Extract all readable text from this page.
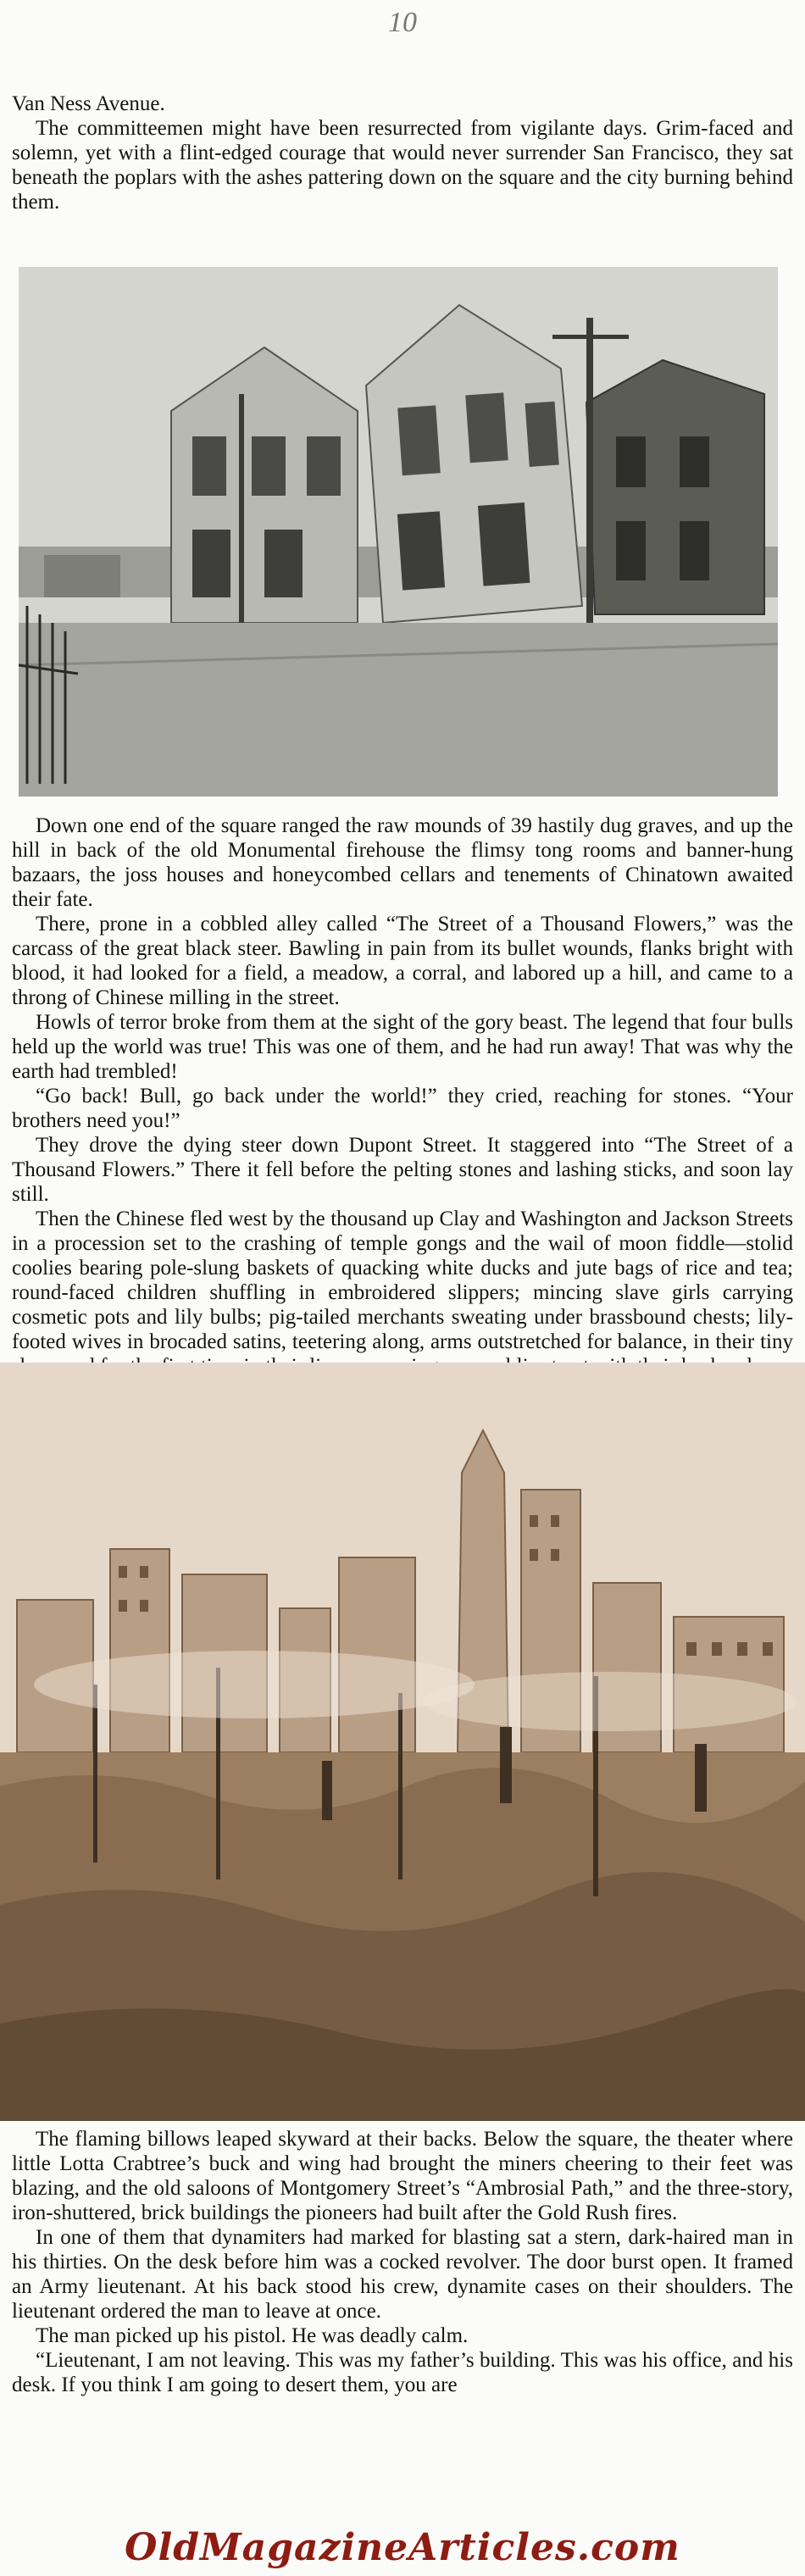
10

Van Ness Avenue.

The committeemen might have been resurrected from vigilante days. Grim-faced and solemn, yet with a flint-edged courage that would never surrender San Francisco, they sat beneath the poplars with the ashes pattering down on the square and the city burning behind them.

Down one end of the square ranged the raw mounds of 39 hastily dug graves, and up the hill in back of the old Monumental firehouse the flimsy tong rooms and banner-hung bazaars, the joss houses and honeycombed cellars and tenements of Chinatown awaited their fate.

There, prone in a cobbled alley called “The Street of a Thousand Flowers,” was the carcass of the great black steer. Bawling in pain from its bullet wounds, flanks bright with blood, it had looked for a field, a meadow, a corral, and labored up a hill, and came to a throng of Chinese milling in the street.

Howls of terror broke from them at the sight of the gory beast. The legend that four bulls held up the world was true! This was one of them, and he had run away! That was why the earth had trembled!

“Go back! Bull, go back under the world!” they cried, reaching for stones. “Your brothers need you!”

They drove the dying steer down Dupont Street. It staggered into “The Street of a Thousand Flowers.” There it fell before the pelting stones and lashing sticks, and soon lay still.

Then the Chinese fled west by the thousand up Clay and Washington and Jackson Streets in a procession set to the crashing of temple gongs and the wail of moon fiddle—stolid coolies bearing pole-slung baskets of quacking white ducks and jute bags of rice and tea; round-faced children shuffling in embroidered slippers; mincing slave girls carrying cosmetic pots and lily bulbs; pig-tailed merchants sweating under brassbound chests; lily-footed wives in brocaded satins, teetering along, arms outstretched for balance, in their tiny

The flaming billows leaped skyward at their backs. Below the square, the theater where little Lotta Crabtree’s buck and wing had brought the miners cheering to their feet was blazing, and the old saloons of Montgomery Street’s “Ambrosial Path,” and the three-story, iron-shuttered, brick buildings the pioneers had built after the Gold Rush fires.

In one of them that dynamiters had marked for blasting sat a stern, dark-haired man in his thirties. On the desk before him was a cocked revolver. The door burst open. It framed an Army lieutenant. At his back stood his crew, dynamite cases on their shoulders. The lieutenant ordered the man to leave at once.

The man picked up his pistol. He was deadly calm.

“Lieutenant, I am not leaving. This was my father’s building. This was his office, and his desk. If you think I am going to desert them, you are

OldMagazineArticles.com
